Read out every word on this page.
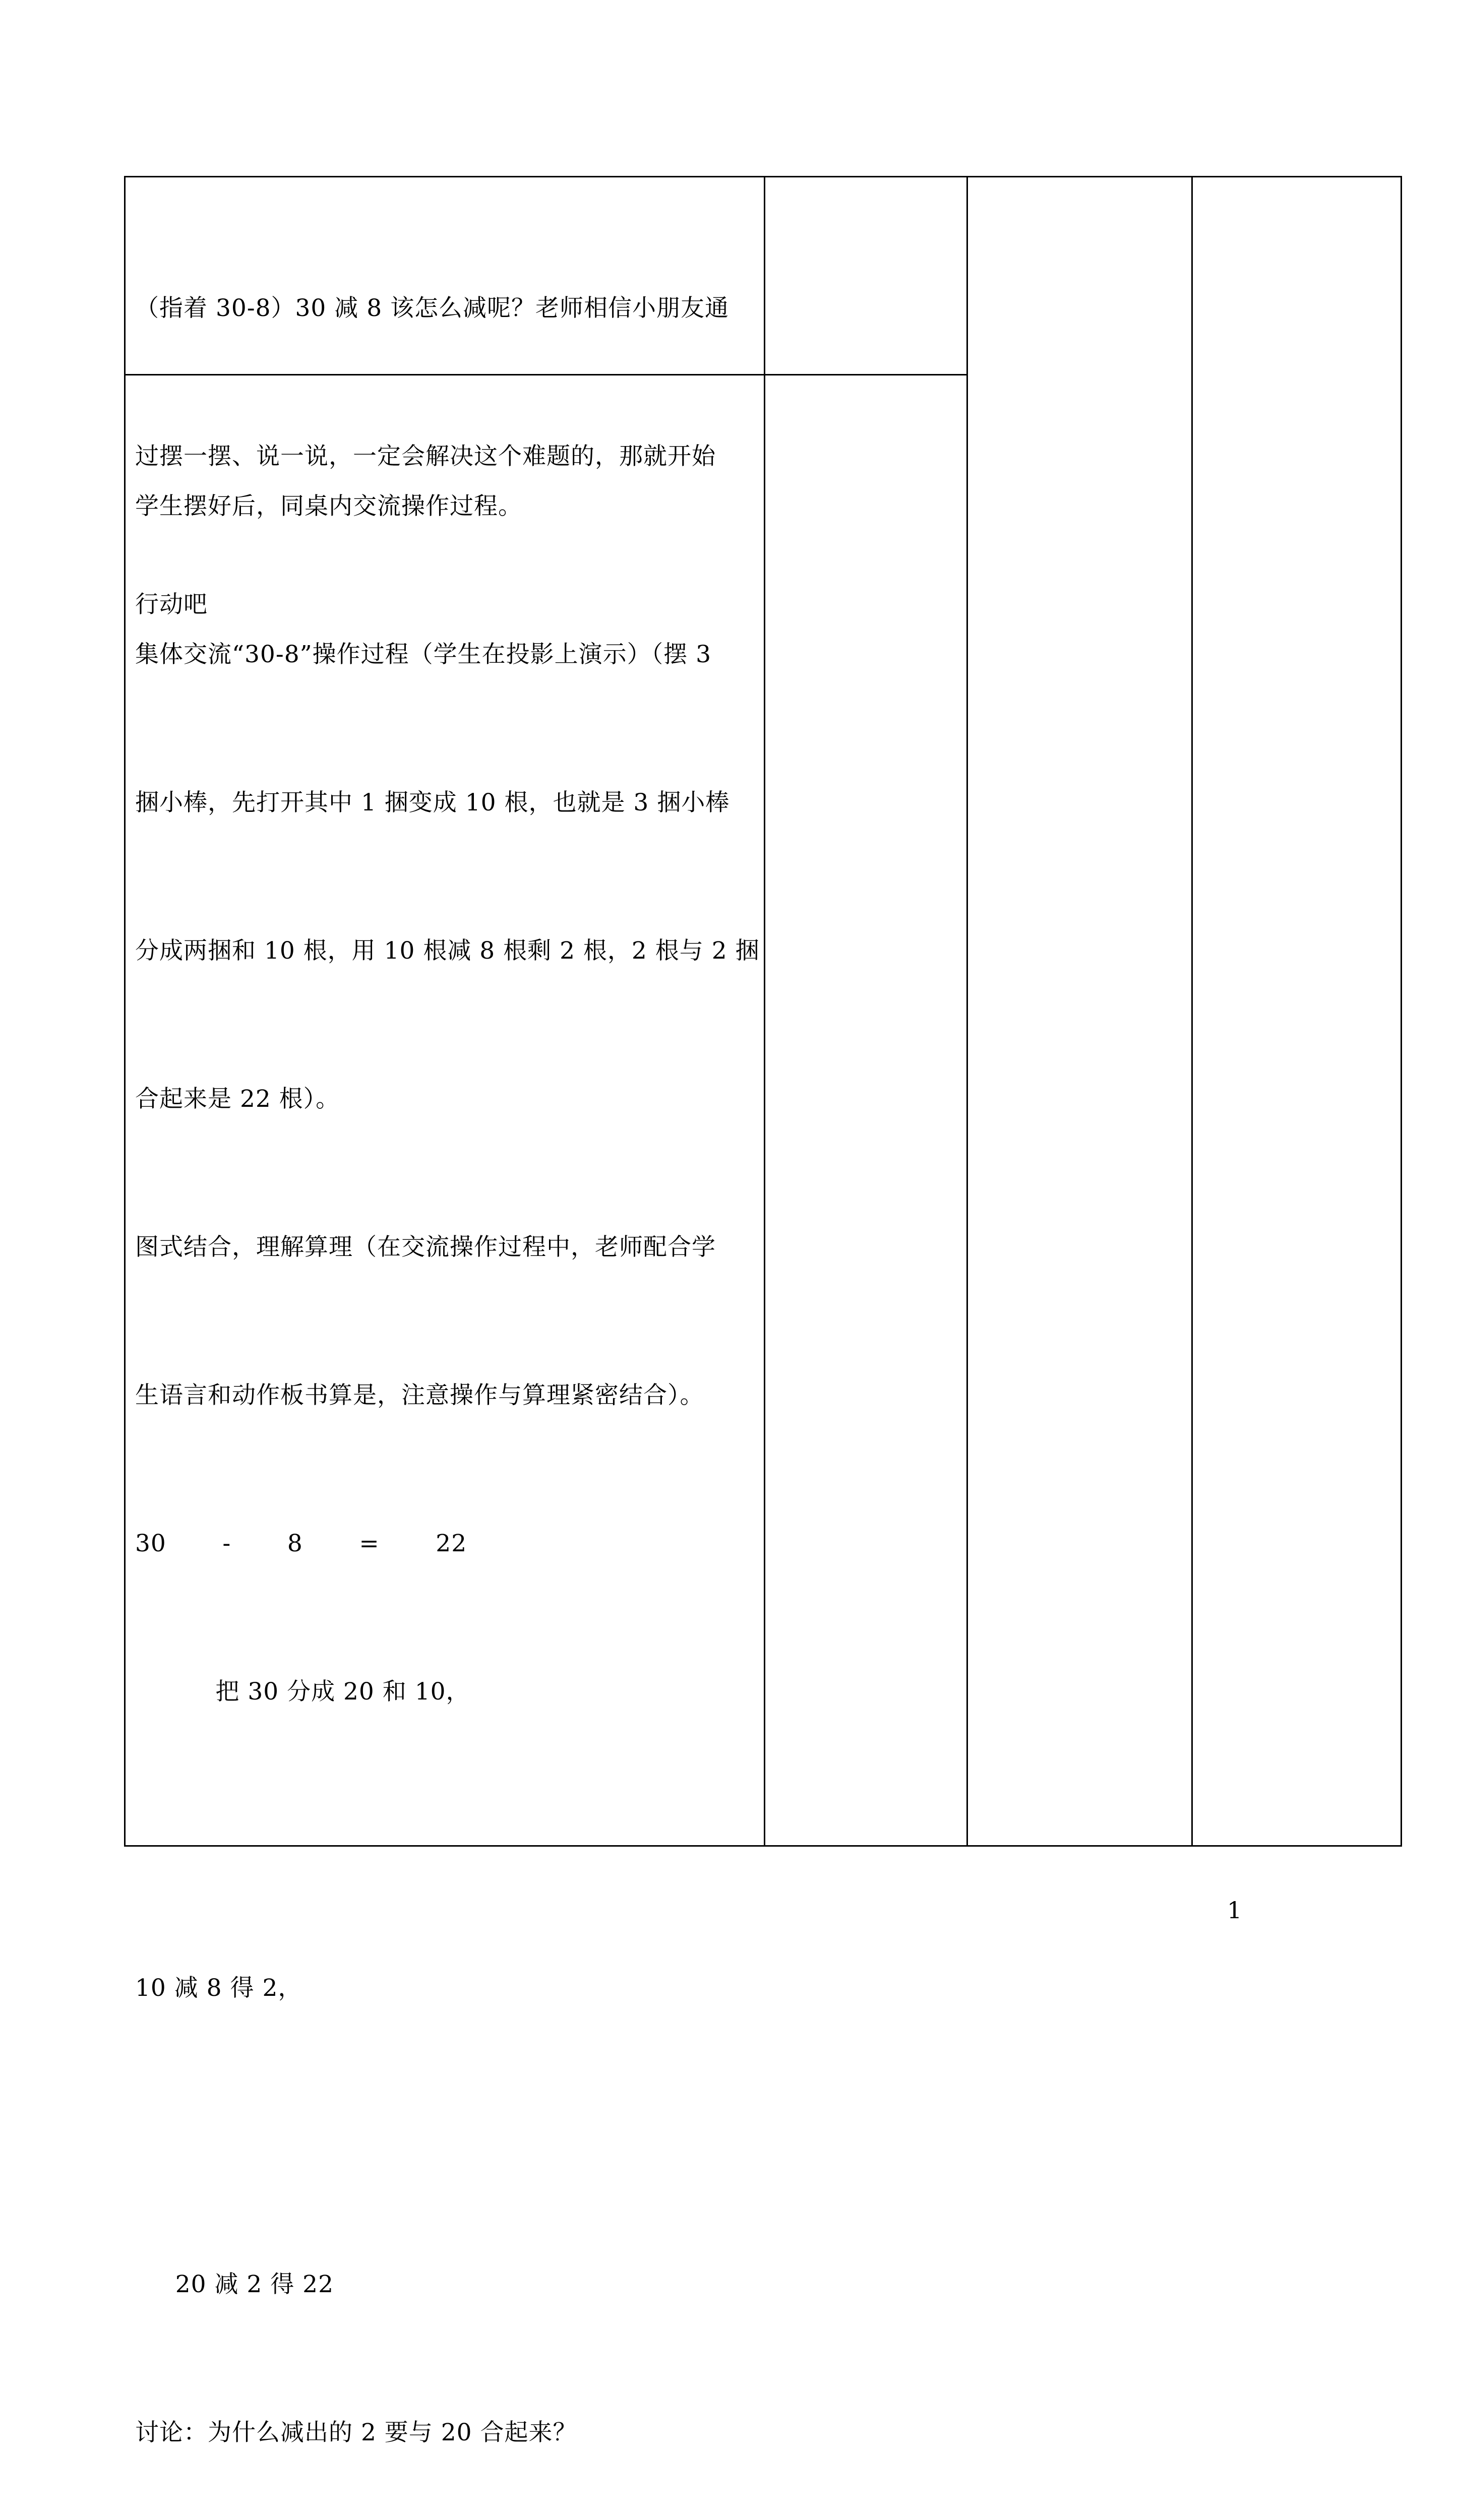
（指着 30-8）30 减 8 该怎么减呢？老师相信小朋友通

过摆一摆、说一说，一定会解决这个难题的，那就开始

行动吧

学生摆好后，同桌内交流操作过程。

集体交流“30-8”操作过程（学生在投影上演示）（摆 3

捆小棒，先打开其中 1 捆变成 10 根，也就是 3 捆小棒

分成两捆和 10 根，用 10 根减 8 根剩 2 根，2 根与 2 捆

合起来是 22 根）。

图式结合，理解算理（在交流操作过程中，老师配合学

生语言和动作板书算是，注意操作与算理紧密结合）。

30       -       8       =       22

把 30 分成 20 和 10，

10 减 8 得 2，

20 减 2 得 22

讨论：为什么减出的 2 要与 20 合起来？

1
